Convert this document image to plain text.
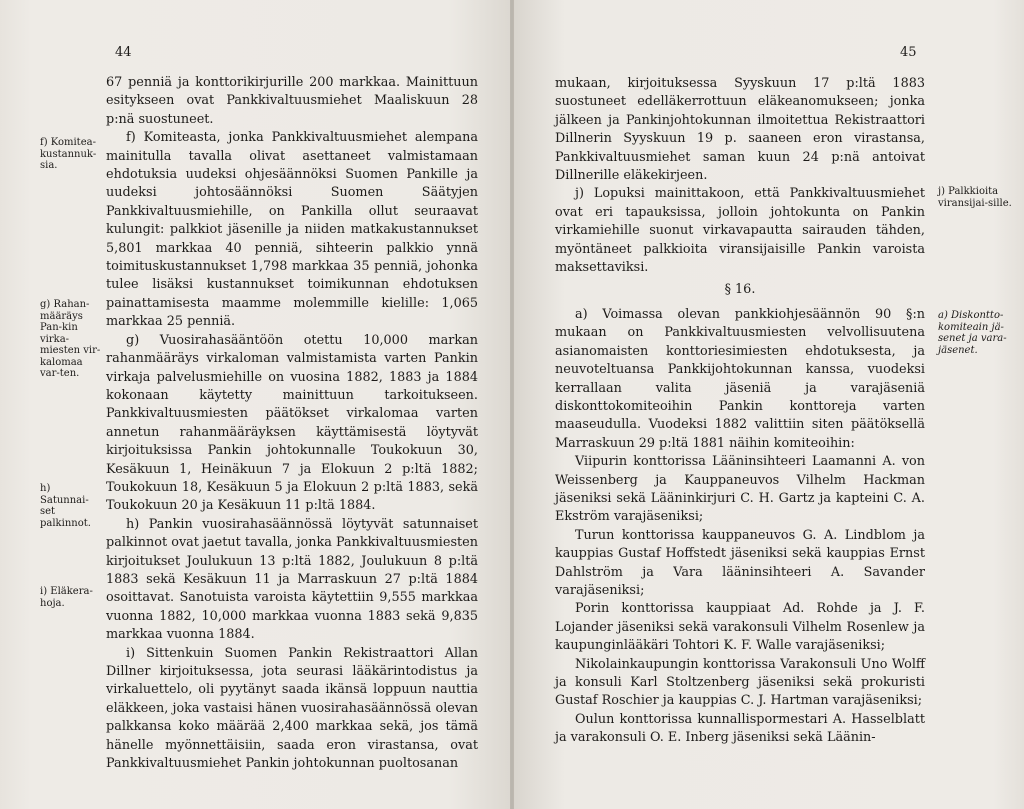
44
f) Komitea-kustannuk-sia.
g) Rahan-määräys Pan-kin virka-miesten vir-kalomaa var-ten.
h) Satunnai-set palkinnot.
i) Eläkera-hoja.

67 penniä ja konttorikirjurille 200 markkaa. Mainittuun esitykseen ovat Pankkivaltuusmiehet Maaliskuun 28 p:nä suostuneet.

f) Komiteasta, jonka Pankkivaltuusmiehet alempana mainitulla tavalla olivat asettaneet valmistamaan ehdotuksia uudeksi ohjesäännöksi Suomen Pankille ja uudeksi johtosäännöksi Suomen Säätyjen Pankkivaltuusmiehille, on Pankilla ollut seuraavat kulungit: palkkiot jäsenille ja niiden matkakustannukset 5,801 markkaa 40 penniä, sihteerin palkkio ynnä toimituskustannukset 1,798 markkaa 35 penniä, johonka tulee lisäksi kustannukset toimikunnan ehdotuksen painattamisesta maamme molemmille kielille: 1,065 markkaa 25 penniä.

g) Vuosirahasääntöön otettu 10,000 markan rahanmääräys virkaloman valmistamista varten Pankin virkaja palvelusmiehille on vuosina 1882, 1883 ja 1884 kokonaan käytetty mainittuun tarkoitukseen. Pankkivaltuusmiesten päätökset virkalomaa varten annetun rahanmääräyksen käyttämisestä löytyvät kirjoituksissa Pankin johtokunnalle Toukokuun 30, Kesäkuun 1, Heinäkuun 7 ja Elokuun 2 p:ltä 1882; Toukokuun 18, Kesäkuun 5 ja Elokuun 2 p:ltä 1883, sekä Toukokuun 20 ja Kesäkuun 11 p:ltä 1884.

h) Pankin vuosirahasäännössä löytyvät satunnaiset palkinnot ovat jaetut tavalla, jonka Pankkivaltuusmiesten kirjoitukset Joulukuun 13 p:ltä 1882, Joulukuun 8 p:ltä 1883 sekä Kesäkuun 11 ja Marraskuun 27 p:ltä 1884 osoittavat. Sanotuista varoista käytettiin 9,555 markkaa vuonna 1882, 10,000 markkaa vuonna 1883 sekä 9,835 markkaa vuonna 1884.

i) Sittenkuin Suomen Pankin Rekistraattori Allan Dillner kirjoituksessa, jota seurasi lääkärintodistus ja virkaluettelo, oli pyytänyt saada ikänsä loppuun nauttia eläkkeen, joka vastaisi hänen vuosirahasäännössä olevan palkkansa koko määrää 2,400 markkaa sekä, jos tämä hänelle myönnettäisiin, saada eron virastansa, ovat Pankkivaltuusmiehet Pankin johtokunnan puoltosanan

45
j) Palkkioita viransijai-sille.
a) Diskontto-komiteain jä-senet ja vara-jäsenet.

mukaan, kirjoituksessa Syyskuun 17 p:ltä 1883 suostuneet edelläkerrottuun eläkeanomukseen; jonka jälkeen ja Pankinjohtokunnan ilmoitettua Rekistraattori Dillnerin Syyskuun 19 p. saaneen eron virastansa, Pankkivaltuusmiehet saman kuun 24 p:nä antoivat Dillnerille eläkekirjeen.

j) Lopuksi mainittakoon, että Pankkivaltuusmiehet ovat eri tapauksissa, jolloin johtokunta on Pankin virkamiehille suonut virkavapautta sairauden tähden, myöntäneet palkkioita viransijaisille Pankin varoista maksettaviksi.

§ 16.

a) Voimassa olevan pankkiohjesäännön 90 §:n mukaan on Pankkivaltuusmiesten velvollisuutena asianomaisten konttoriesimiesten ehdotuksesta, ja neuvoteltuansa Pankkijohtokunnan kanssa, vuodeksi kerrallaan valita jäseniä ja varajäseniä diskonttokomiteoihin Pankin konttoreja varten maaseudulla. Vuodeksi 1882 valittiin siten päätöksellä Marraskuun 29 p:ltä 1881 näihin komiteoihin:

Viipurin konttorissa Lääninsihteeri Laamanni A. von Weissenberg ja Kauppaneuvos Vilhelm Hackman jäseniksi sekä Lääninkirjuri C. H. Gartz ja kapteini C. A. Ekström varajäseniksi;

Turun konttorissa kauppaneuvos G. A. Lindblom ja kauppias Gustaf Hoffstedt jäseniksi sekä kauppias Ernst Dahlström ja Vara lääninsihteeri A. Savander varajäseniksi;

Porin konttorissa kauppiaat Ad. Rohde ja J. F. Lojander jäseniksi sekä varakonsuli Vilhelm Rosenlew ja kaupunginlääkäri Tohtori K. F. Walle varajäseniksi;

Nikolainkaupungin konttorissa Varakonsuli Uno Wolff ja konsuli Karl Stoltzenberg jäseniksi sekä prokuristi Gustaf Roschier ja kauppias C. J. Hartman varajäseniksi;

Oulun konttorissa kunnallispormestari A. Hasselblatt ja varakonsuli O. E. Inberg jäseniksi sekä Läänin-
